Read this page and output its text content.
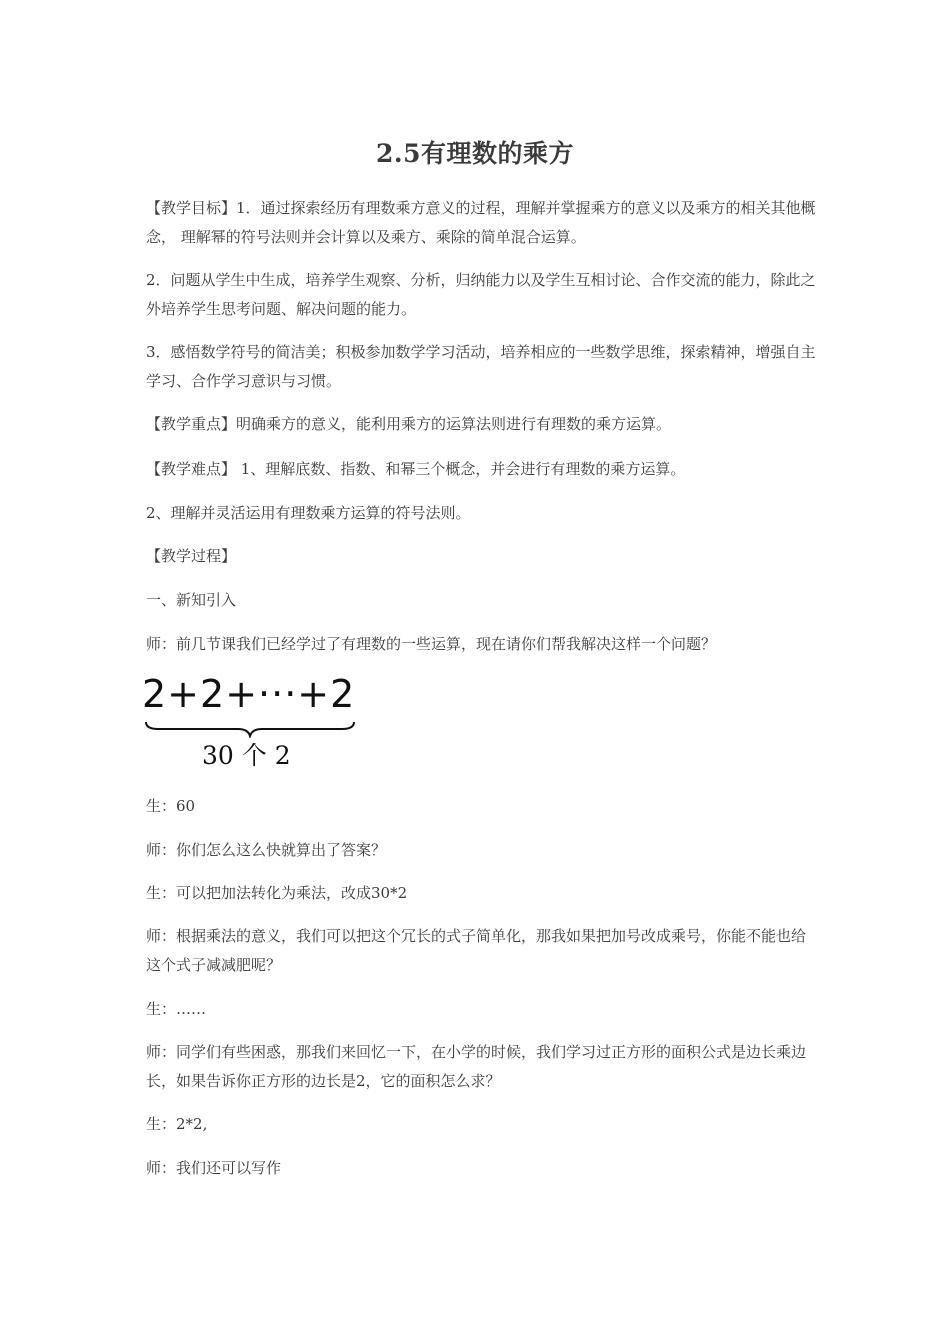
2.5有理数的乘方
【教学目标】1．通过探索经历有理数乘方意义的过程，理解并掌握乘方的意义以及乘方的相关其他概念， 理解幂的符号法则并会计算以及乘方、乘除的简单混合运算。
2．问题从学生中生成，培养学生观察、分析，归纳能力以及学生互相讨论、合作交流的能力，除此之外培养学生思考问题、解决问题的能力。
3．感悟数学符号的简洁美；积极参加数学学习活动，培养相应的一些数学思维，探索精神，增强自主学习、合作学习意识与习惯。
【教学重点】明确乘方的意义，能利用乘方的运算法则进行有理数的乘方运算。
【教学难点】 1、理解底数、指数、和幂三个概念，并会进行有理数的乘方运算。
2、理解并灵活运用有理数乘方运算的符号法则。
【教学过程】
一、新知引入
师：前几节课我们已经学过了有理数的一些运算，现在请你们帮我解决这样一个问题？
2+2+···+2
30 个 2
生：60
师：你们怎么这么快就算出了答案？
生：可以把加法转化为乘法，改成30*2
师：根据乘法的意义，我们可以把这个冗长的式子简单化，那我如果把加号改成乘号，你能不能也给这个式子减减肥呢？
生：……
师：同学们有些困惑，那我们来回忆一下，在小学的时候，我们学习过正方形的面积公式是边长乘边长，如果告诉你正方形的边长是2，它的面积怎么求？
生：2*2,
师：我们还可以写作
